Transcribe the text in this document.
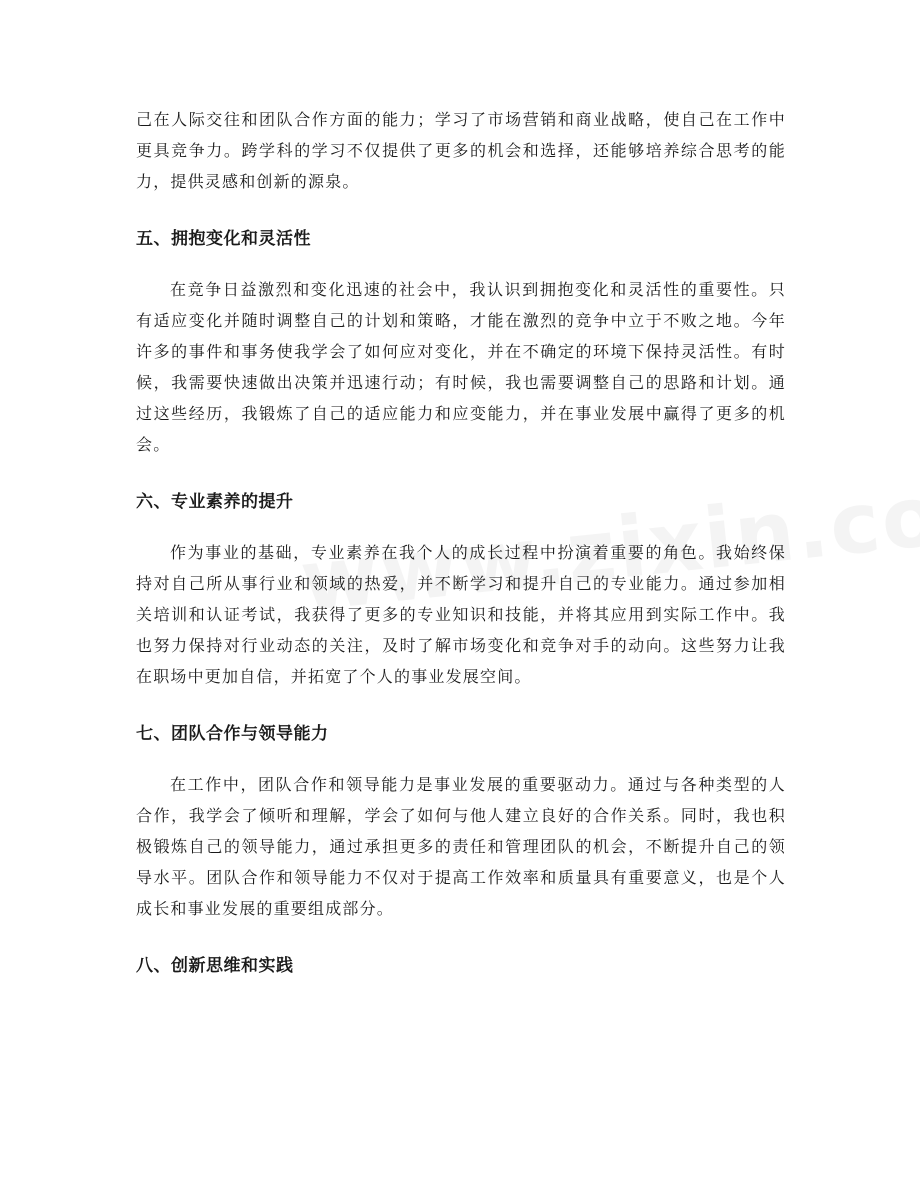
己在人际交往和团队合作方面的能力；学习了市场营销和商业战略，使自己在工作中更具竞争力。跨学科的学习不仅提供了更多的机会和选择，还能够培养综合思考的能力，提供灵感和创新的源泉。

五、拥抱变化和灵活性

在竞争日益激烈和变化迅速的社会中，我认识到拥抱变化和灵活性的重要性。只有适应变化并随时调整自己的计划和策略，才能在激烈的竞争中立于不败之地。今年许多的事件和事务使我学会了如何应对变化，并在不确定的环境下保持灵活性。有时候，我需要快速做出决策并迅速行动；有时候，我也需要调整自己的思路和计划。通过这些经历，我锻炼了自己的适应能力和应变能力，并在事业发展中赢得了更多的机会。

六、专业素养的提升

作为事业的基础，专业素养在我个人的成长过程中扮演着重要的角色。我始终保持对自己所从事行业和领域的热爱，并不断学习和提升自己的专业能力。通过参加相关培训和认证考试，我获得了更多的专业知识和技能，并将其应用到实际工作中。我也努力保持对行业动态的关注，及时了解市场变化和竞争对手的动向。这些努力让我在职场中更加自信，并拓宽了个人的事业发展空间。

七、团队合作与领导能力

在工作中，团队合作和领导能力是事业发展的重要驱动力。通过与各种类型的人合作，我学会了倾听和理解，学会了如何与他人建立良好的合作关系。同时，我也积极锻炼自己的领导能力，通过承担更多的责任和管理团队的机会，不断提升自己的领导水平。团队合作和领导能力不仅对于提高工作效率和质量具有重要意义，也是个人成长和事业发展的重要组成部分。

八、创新思维和实践
